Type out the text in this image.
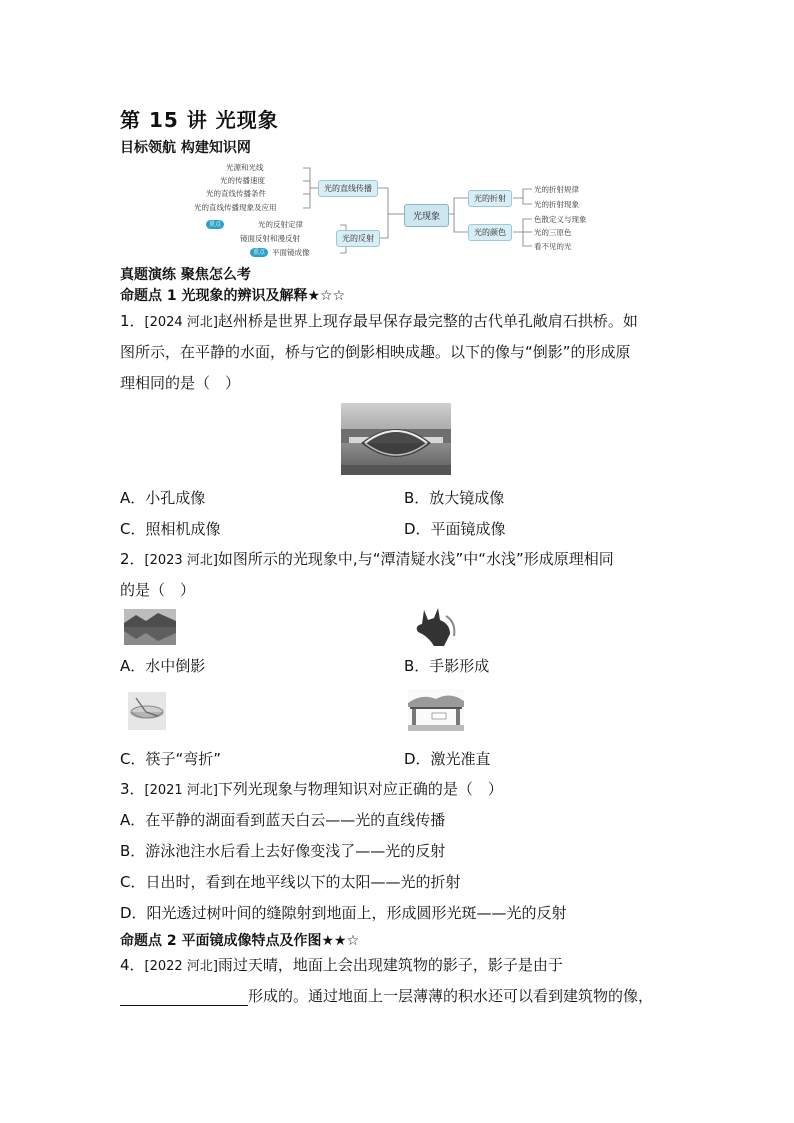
第 15 讲 光现象
目标领航 构建知识网
光源和光线
光的传播速度
光的直线传播条件
光的直线传播现象及应用
重点	光的反射定律
镜面反射和漫反射
重点 平面镜成像
光的直线传播
光的反射
光现象
光的折射
光的颜色
光的折射规律
光的折射现象
色散定义与现象
光的三原色
看不见的光
真题演练 聚焦怎么考
命题点 1 光现象的辨识及解释★☆☆
1．[2024 河北]赵州桥是世界上现存最早保存最完整的古代单孔敞肩石拱桥。如
图所示，在平静的水面，桥与它的倒影相映成趣。以下的像与“倒影”的形成原
理相同的是（　）
A．小孔成像	B．放大镜成像
C．照相机成像	D．平面镜成像
2．[2023 河北]如图所示的光现象中,与“潭清疑水浅”中“水浅”形成原理相同
的是（　）
A．水中倒影	B．手影形成
C．筷子“弯折”	D．激光准直
3．[2021 河北]下列光现象与物理知识对应正确的是（　）
A．在平静的湖面看到蓝天白云——光的直线传播
B．游泳池注水后看上去好像变浅了——光的反射
C．日出时，看到在地平线以下的太阳——光的折射
D．阳光透过树叶间的缝隙射到地面上，形成圆形光斑——光的反射
命题点 2 平面镜成像特点及作图★★☆
4．[2022 河北]雨过天晴，地面上会出现建筑物的影子，影子是由于
形成的。通过地面上一层薄薄的积水还可以看到建筑物的像，
